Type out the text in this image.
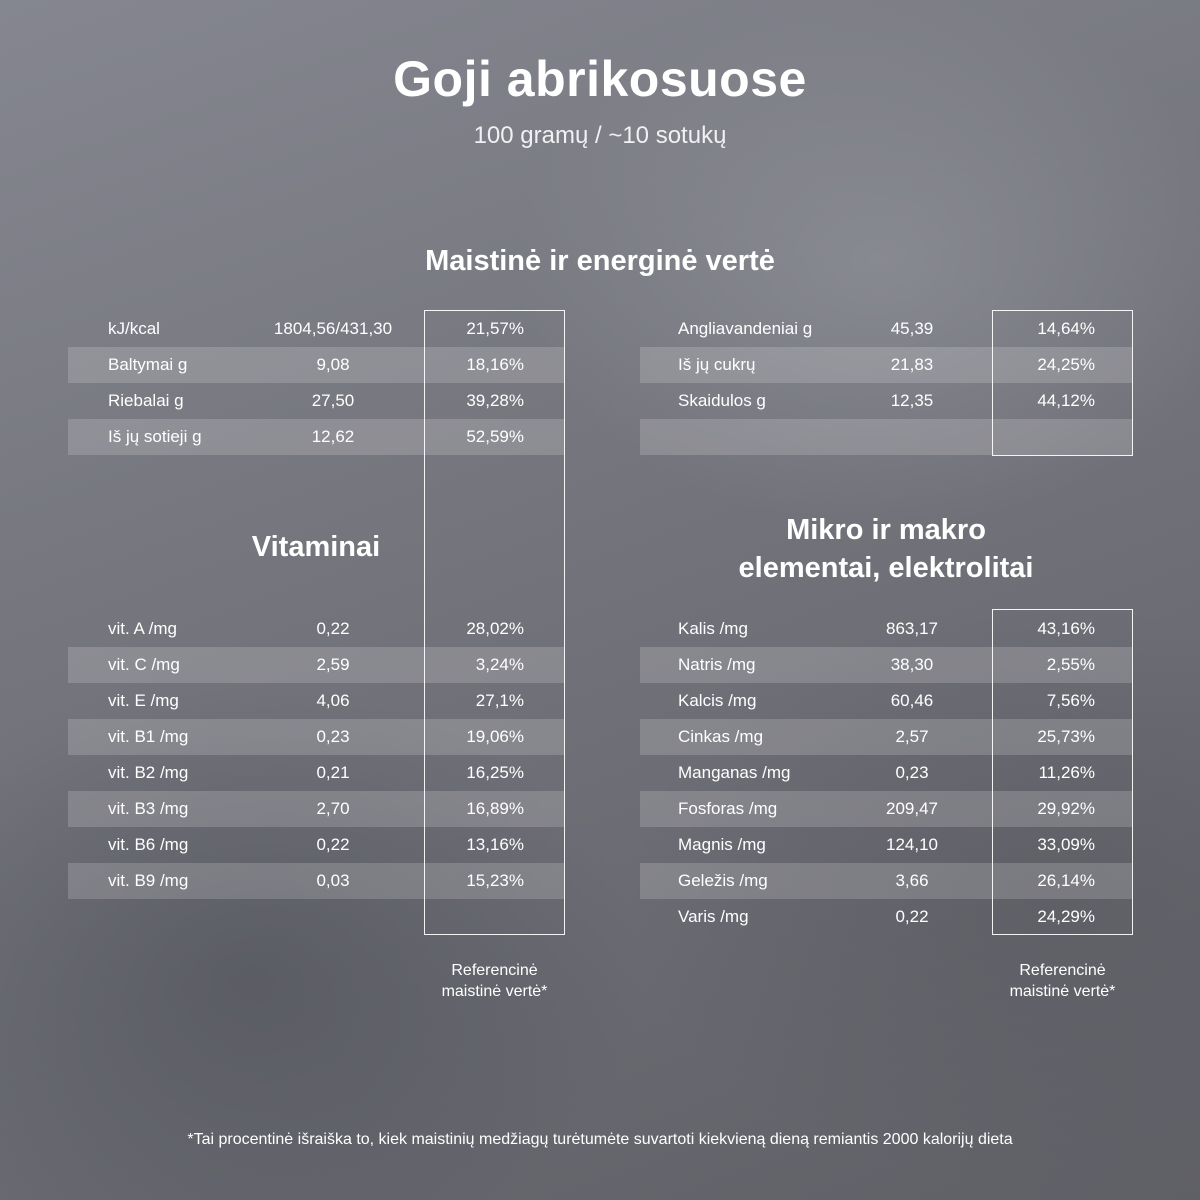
Goji abrikosuose
100 gramų / ~10 sotukų
Maistinė ir energinė vertė
Vitaminai
Mikro ir makro
elementai, elektrolitai
kJ/kcal	1804,56/431,30	21,57%
Baltymai g	9,08	18,16%
Riebalai g	27,50	39,28%
Iš jų sotieji g	12,62	52,59%
Angliavandeniai g	45,39	14,64%
Iš jų cukrų	21,83	24,25%
Skaidulos g	12,35	44,12%
vit. A /mg	0,22	28,02%
vit. C /mg	2,59	3,24%
vit. E /mg	4,06	27,1%
vit. B1 /mg	0,23	19,06%
vit. B2 /mg	0,21	16,25%
vit. B3 /mg	2,70	16,89%
vit. B6 /mg	0,22	13,16%
vit. B9 /mg	0,03	15,23%
Kalis /mg	863,17	43,16%
Natris /mg	38,30	2,55%
Kalcis /mg	60,46	7,56%
Cinkas /mg	2,57	25,73%
Manganas /mg	0,23	11,26%
Fosforas /mg	209,47	29,92%
Magnis /mg	124,10	33,09%
Geležis /mg	3,66	26,14%
Varis /mg	0,22	24,29%
Referencinė
maistinė vertė*
Referencinė
maistinė vertė*
*Tai procentinė išraiška to, kiek maistinių medžiagų turėtumėte suvartoti kiekvieną dieną remiantis 2000 kalorijų dieta
